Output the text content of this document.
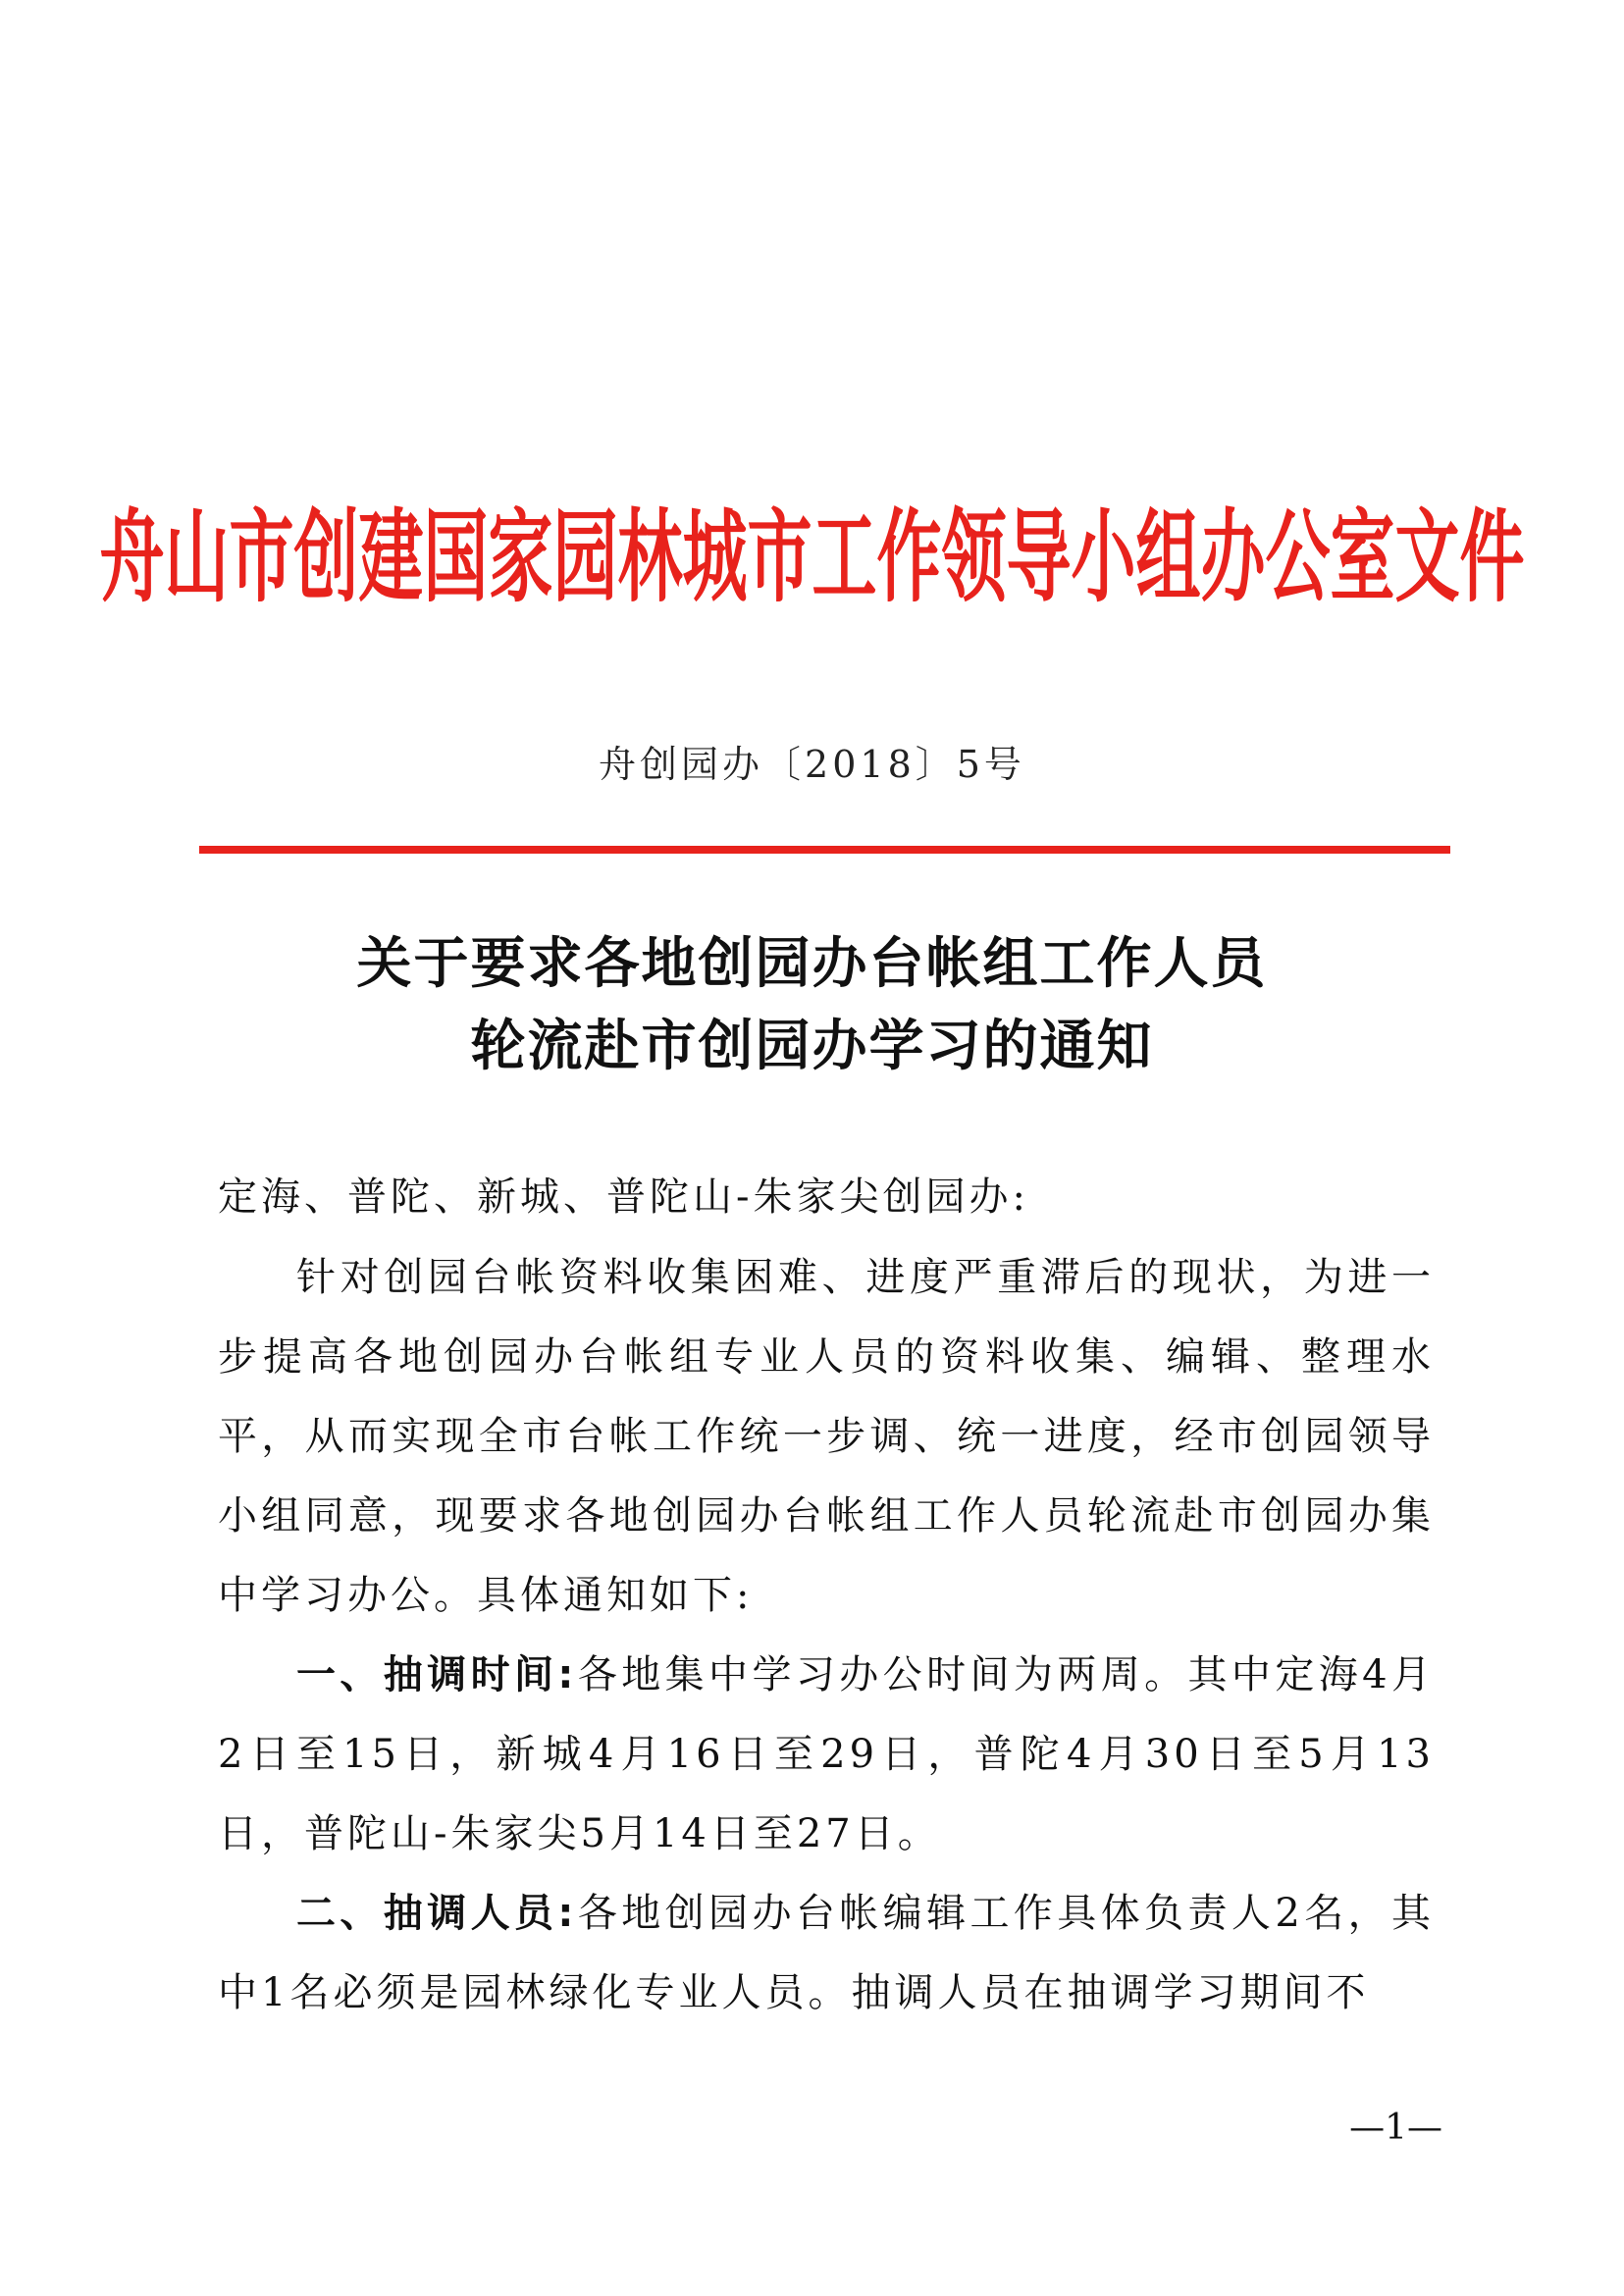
舟山市创建国家园林城市工作领导小组办公室文件
舟创园办〔2018〕5号
关于要求各地创园办台帐组工作人员
轮流赴市创园办学习的通知
定海、普陀、新城、普陀山-朱家尖创园办:

针对创园台帐资料收集困难、进度严重滞后的现状，为进一步提高各地创园办台帐组专业人员的资料收集、编辑、整理水平，从而实现全市台帐工作统一步调、统一进度，经市创园领导小组同意，现要求各地创园办台帐组工作人员轮流赴市创园办集中学习办公。具体通知如下:

一、抽调时间:各地集中学习办公时间为两周。其中定海4月2日至15日，新城4月16日至29日，普陀4月30日至5月13日，普陀山-朱家尖5月14日至27日。

二、抽调人员:各地创园办台帐编辑工作具体负责人2名，其中1名必须是园林绿化专业人员。抽调人员在抽调学习期间不

—1—
